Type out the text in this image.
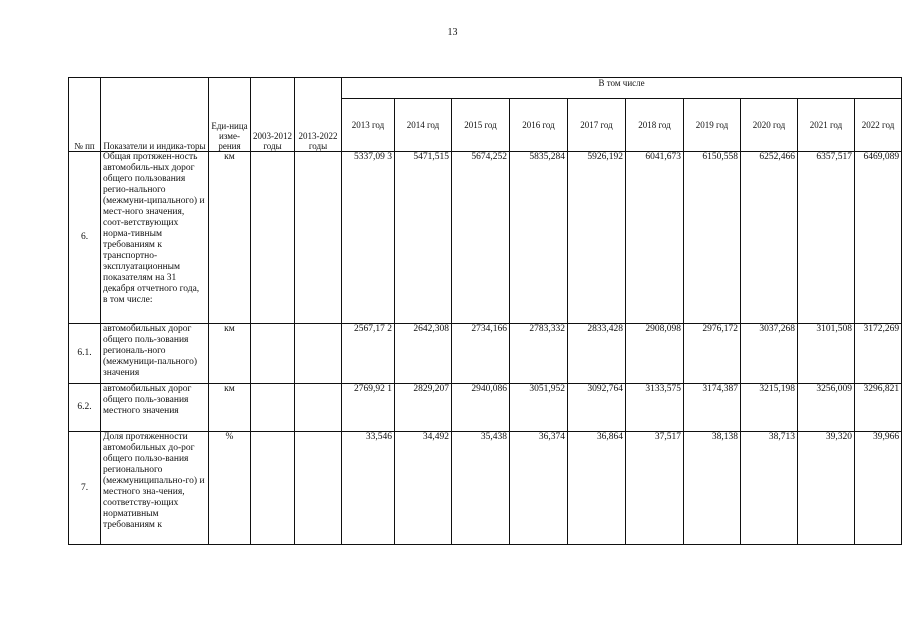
13
№ пп	Показатели и индика-торы	Еди-ница изме-рения	2003-2012 годы	2013-2022 годы	В том числе									
					2013 год	2014 год	2015 год	2016 год	2017 год	2018 год	2019 год	2020 год	2021 год	2022 год
6.	Общая протяжен-ность автомобиль-ных дорог общего пользования регио-нального (межмуни-ципального) и мест-ного значения, соот-ветствующих норма-тивным требованиям к транспортно-эксплуатационным показателям на 31 декабря отчетного года, в том числе:	км			5337,09 3	5471,515	5674,252	5835,284	5926,192	6041,673	6150,558	6252,466	6357,517	6469,089
6.1.	автомобильных дорог общего поль-зования региональ-ного (межмуници-пального) значения	км			2567,17 2	2642,308	2734,166	2783,332	2833,428	2908,098	2976,172	3037,268	3101,508	3172,269
6.2.	автомобильных дорог общего поль-зования местного значения	км			2769,92 1	2829,207	2940,086	3051,952	3092,764	3133,575	3174,387	3215,198	3256,009	3296,821
7.	Доля протяженности автомобильных до-рог общего пользо-вания регионального (межмуниципально-го) и местного зна-чения, соответству-ющих нормативным требованиям к	%			33,546	34,492	35,438	36,374	36,864	37,517	38,138	38,713	39,320	39,966
